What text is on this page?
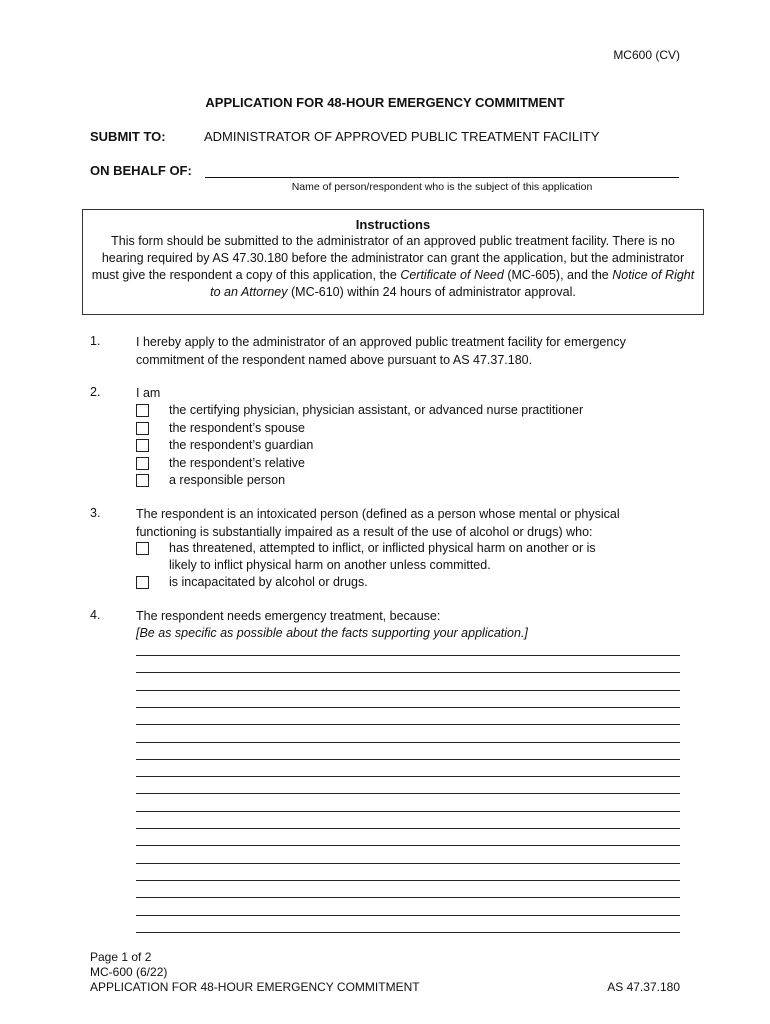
MC600 (CV)
APPLICATION FOR 48-HOUR EMERGENCY COMMITMENT
SUBMIT TO:	ADMINISTRATOR OF APPROVED PUBLIC TREATMENT FACILITY
ON BEHALF OF:
Name of person/respondent who is the subject of this application
Instructions
This form should be submitted to the administrator of an approved public treatment facility. There is no hearing required by AS 47.30.180 before the administrator can grant the application, but the administrator must give the respondent a copy of this application, the Certificate of Need (MC-605), and the Notice of Right to an Attorney (MC-610) within 24 hours of administrator approval.
1.	I hereby apply to the administrator of an approved public treatment facility for emergency commitment of the respondent named above pursuant to AS 47.37.180.
2.	I am
the certifying physician, physician assistant, or advanced nurse practitioner
the respondent’s spouse
the respondent’s guardian
the respondent’s relative
a responsible person
3.	The respondent is an intoxicated person (defined as a person whose mental or physical functioning is substantially impaired as a result of the use of alcohol or drugs) who:
has threatened, attempted to inflict, or inflicted physical harm on another or is
likely to inflict physical harm on another unless committed.
is incapacitated by alcohol or drugs.
4.	The respondent needs emergency treatment, because:
[Be as specific as possible about the facts supporting your application.]
Page 1 of 2
MC-600 (6/22)
APPLICATION FOR 48-HOUR EMERGENCY COMMITMENT	AS 47.37.180
